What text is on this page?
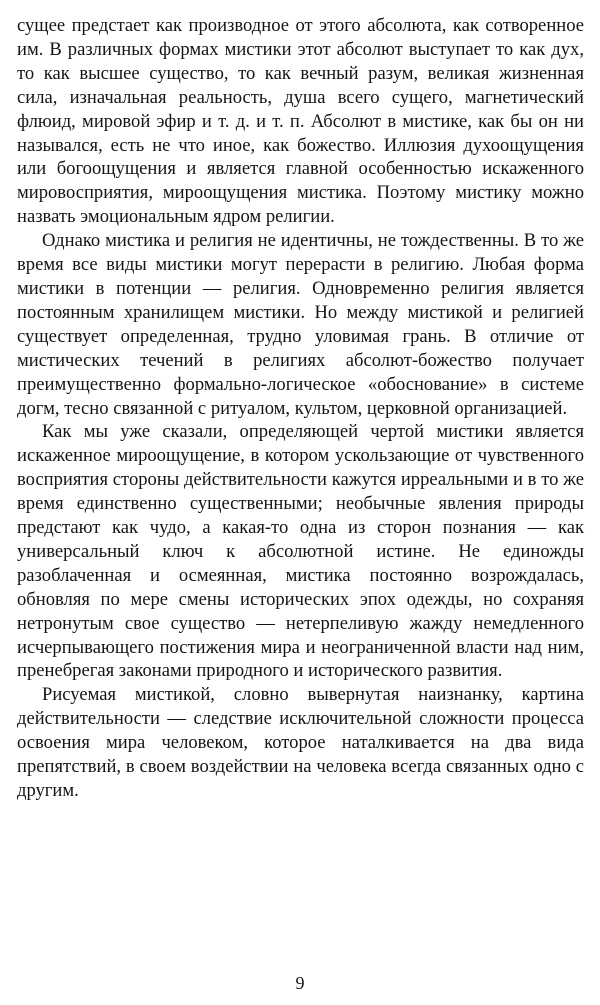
сущее предстает как производное от этого абсолюта, как сотворенное им. В различных формах мистики этот абсолют выступает то как дух, то как высшее существо, то как вечный разум, великая жизненная сила, изначальная реальность, душа всего сущего, магнетический флюид, мировой эфир и т. д. и т. п. Абсолют в мистике, как бы он ни назывался, есть не что иное, как божество. Иллюзия духоощущения или богоощущения и является главной особенностью искаженного мировосприятия, мироощущения мистика. Поэтому мистику можно назвать эмоциональным ядром религии.

Однако мистика и религия не идентичны, не тождественны. В то же время все виды мистики могут перерасти в религию. Любая форма мистики в потенции — религия. Одновременно религия является постоянным хранилищем мистики. Но между мистикой и религией существует определенная, трудно уловимая грань. В отличие от мистических течений в религиях абсолют-божество получает преимущественно формально-логическое «обоснование» в системе догм, тесно связанной с ритуалом, культом, церковной организацией.

Как мы уже сказали, определяющей чертой мистики является искаженное мироощущение, в котором ускользающие от чувственного восприятия стороны действительности кажутся ирреальными и в то же время единственно существенными; необычные явления природы предстают как чудо, а какая-то одна из сторон познания — как универсальный ключ к абсолютной истине. Не единожды разоблаченная и осмеянная, мистика постоянно возрождалась, обновляя по мере смены исторических эпох одежды, но сохраняя нетронутым свое существо — нетерпеливую жажду немедленного исчерпывающего постижения мира и неограниченной власти над ним, пренебрегая законами природного и исторического развития.

Рисуемая мистикой, словно вывернутая наизнанку, картина действительности — следствие исключительной сложности процесса освоения мира человеком, которое наталкивается на два вида препятствий, в своем воздействии на человека всегда связанных одно с другим.

9
